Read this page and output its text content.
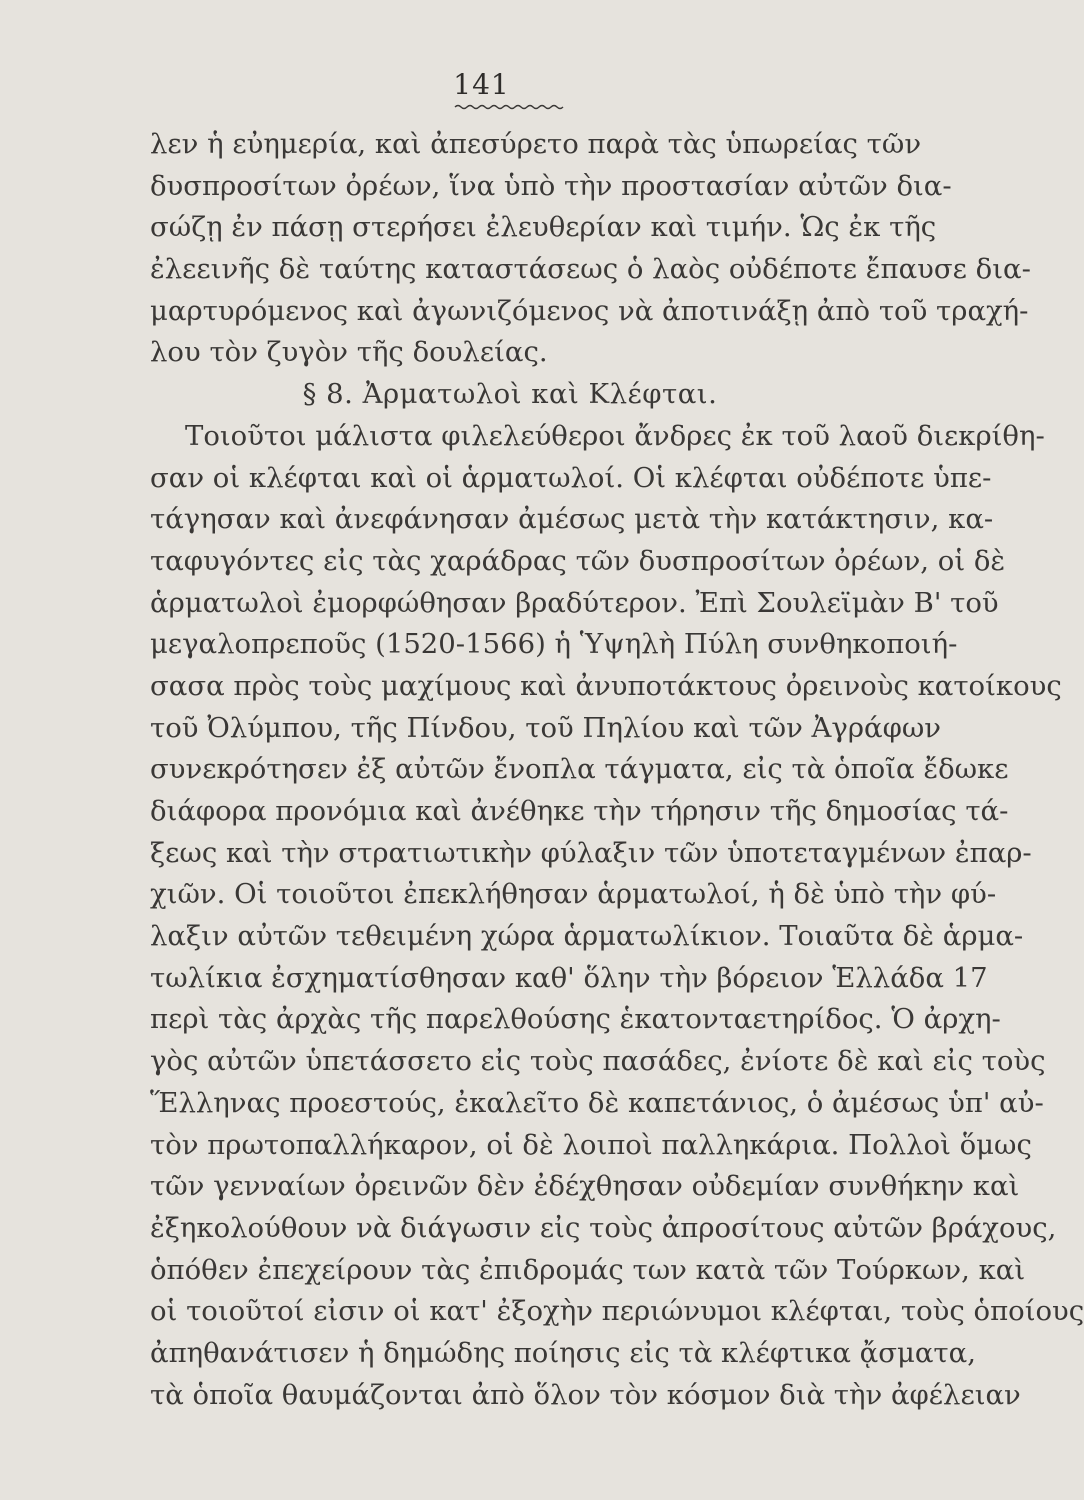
141
λεν ἡ εὐημερία, καὶ ἀπεσύρετο παρὰ τὰς ὑπωρείας τῶν
δυσπροσίτων ὀρέων, ἵνα ὑπὸ τὴν προστασίαν αὐτῶν δια-
σώζῃ ἐν πάσῃ στερήσει ἐλευθερίαν καὶ τιμήν. Ὡς ἐκ τῆς
ἐλεεινῆς δὲ ταύτης καταστάσεως ὁ λαὸς οὐδέποτε ἔπαυσε δια-
μαρτυρόμενος καὶ ἀγωνιζόμενος νὰ ἀποτινάξῃ ἀπὸ τοῦ τραχή-
λου τὸν ζυγὸν τῆς δουλείας.
§ 8. Ἀρματωλοὶ καὶ Κλέφται.
Τοιοῦτοι μάλιστα φιλελεύθεροι ἄνδρες ἐκ τοῦ λαοῦ διεκρίθη-
σαν οἱ κλέφται καὶ οἱ ἁρματωλοί. Οἱ κλέφται οὐδέποτε ὑπε-
τάγησαν καὶ ἀνεφάνησαν ἀμέσως μετὰ τὴν κατάκτησιν, κα-
ταφυγόντες εἰς τὰς χαράδρας τῶν δυσπροσίτων ὀρέων, οἱ δὲ
ἁρματωλοὶ ἐμορφώθησαν βραδύτερον. Ἐπὶ Σουλεϊμὰν Β' τοῦ
μεγαλοπρεποῦς (1520-1566) ἡ Ὑψηλὴ Πύλη συνθηκοποιή-
σασα πρὸς τοὺς μαχίμους καὶ ἀνυποτάκτους ὀρεινοὺς κατοίκους
τοῦ Ὀλύμπου, τῆς Πίνδου, τοῦ Πηλίου καὶ τῶν Ἀγράφων
συνεκρότησεν ἐξ αὐτῶν ἔνοπλα τάγματα, εἰς τὰ ὁποῖα ἔδωκε
διάφορα προνόμια καὶ ἀνέθηκε τὴν τήρησιν τῆς δημοσίας τά-
ξεως καὶ τὴν στρατιωτικὴν φύλαξιν τῶν ὑποτεταγμένων ἐπαρ-
χιῶν. Οἱ τοιοῦτοι ἐπεκλήθησαν ἁρματωλοί, ἡ δὲ ὑπὸ τὴν φύ-
λαξιν αὐτῶν τεθειμένη χώρα ἁρματωλίκιον. Τοιαῦτα δὲ ἁρμα-
τωλίκια ἐσχηματίσθησαν καθ' ὅλην τὴν βόρειον Ἑλλάδα 17
περὶ τὰς ἀρχὰς τῆς παρελθούσης ἑκατονταετηρίδος. Ὁ ἀρχη-
γὸς αὐτῶν ὑπετάσσετο εἰς τοὺς πασάδες, ἐνίοτε δὲ καὶ εἰς τοὺς
Ἕλληνας προεστούς, ἐκαλεῖτο δὲ καπετάνιος, ὁ ἀμέσως ὑπ' αὐ-
τὸν πρωτοπαλλήκαρον, οἱ δὲ λοιποὶ παλληκάρια. Πολλοὶ ὅμως
τῶν γενναίων ὀρεινῶν δὲν ἐδέχθησαν οὐδεμίαν συνθήκην καὶ
ἐξηκολούθουν νὰ διάγωσιν εἰς τοὺς ἀπροσίτους αὐτῶν βράχους,
ὁπόθεν ἐπεχείρουν τὰς ἐπιδρομάς των κατὰ τῶν Τούρκων, καὶ
οἱ τοιοῦτοί εἰσιν οἱ κατ' ἐξοχὴν περιώνυμοι κλέφται, τοὺς ὁποίους
ἀπηθανάτισεν ἡ δημώδης ποίησις εἰς τὰ κλέφτικα ᾄσματα,
τὰ ὁποῖα θαυμάζονται ἀπὸ ὅλον τὸν κόσμον διὰ τὴν ἀφέλειαν
